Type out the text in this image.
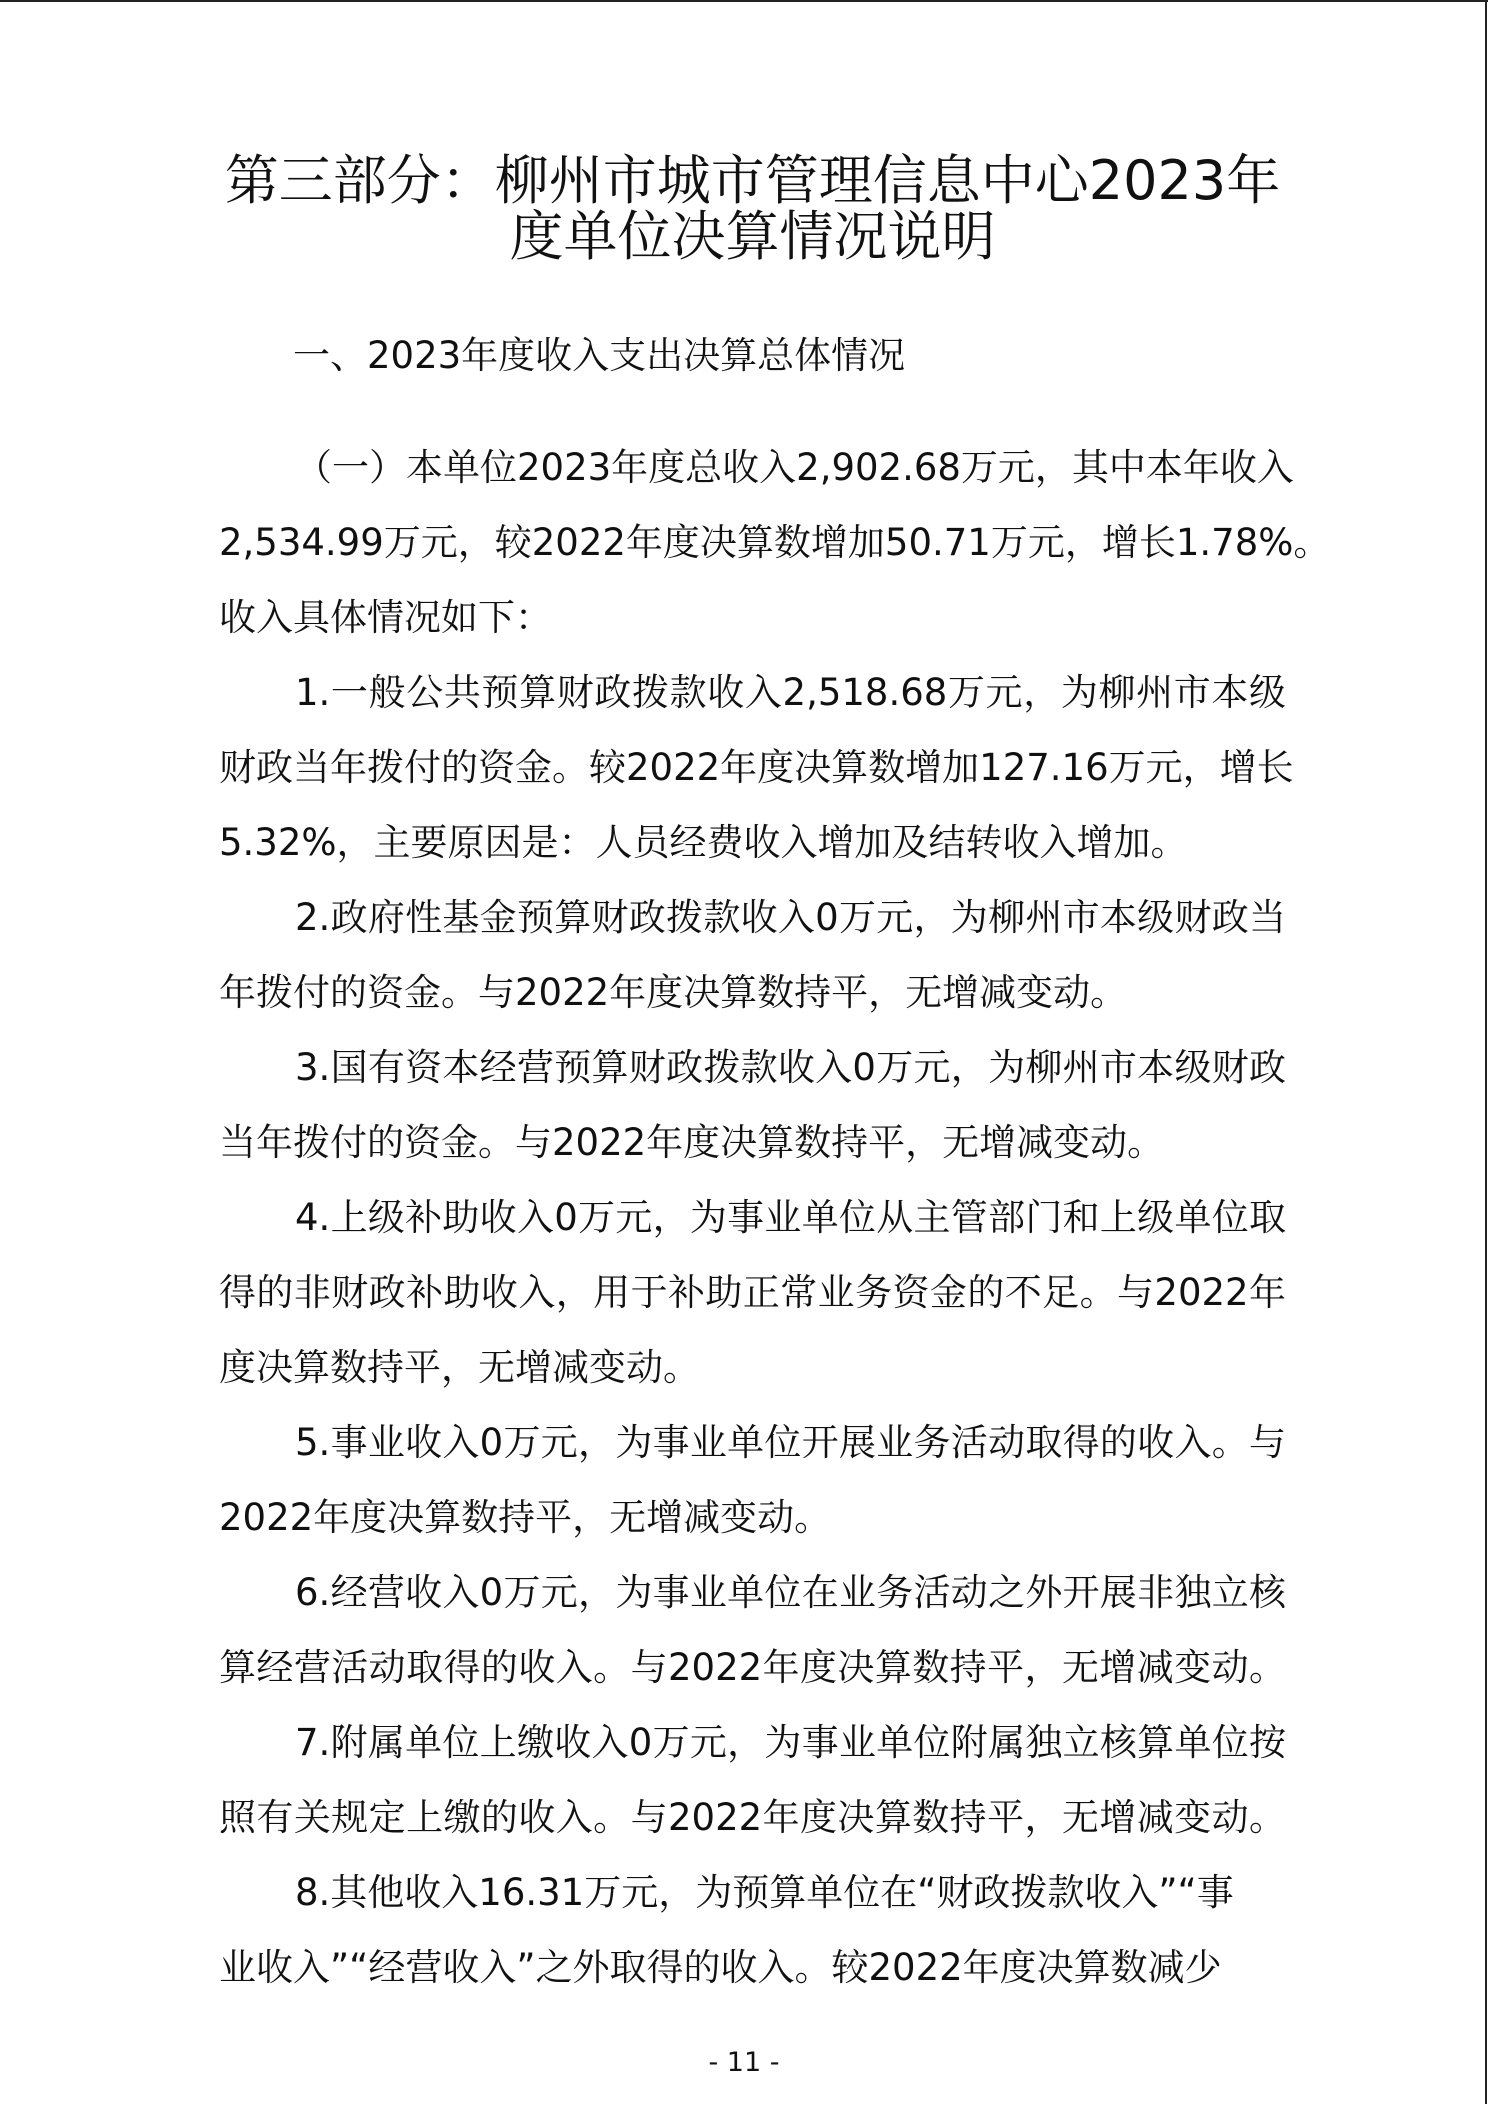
第三部分：柳州市城市管理信息中心2023年
度单位决算情况说明
一、2023年度收入支出决算总体情况
（一）本单位2023年度总收入2,902.68万元，其中本年收入
2,534.99万元，较2022年度决算数增加50.71万元，增长1.78%。
收入具体情况如下：
1.一般公共预算财政拨款收入2,518.68万元，为柳州市本级
财政当年拨付的资金。较2022年度决算数增加127.16万元，增长
5.32%，主要原因是：人员经费收入增加及结转收入增加。
2.政府性基金预算财政拨款收入0万元，为柳州市本级财政当
年拨付的资金。与2022年度决算数持平，无增减变动。
3.国有资本经营预算财政拨款收入0万元，为柳州市本级财政
当年拨付的资金。与2022年度决算数持平，无增减变动。
4.上级补助收入0万元，为事业单位从主管部门和上级单位取
得的非财政补助收入，用于补助正常业务资金的不足。与2022年
度决算数持平，无增减变动。
5.事业收入0万元，为事业单位开展业务活动取得的收入。与
2022年度决算数持平，无增减变动。
6.经营收入0万元，为事业单位在业务活动之外开展非独立核
算经营活动取得的收入。与2022年度决算数持平，无增减变动。
7.附属单位上缴收入0万元，为事业单位附属独立核算单位按
照有关规定上缴的收入。与2022年度决算数持平，无增减变动。
8.其他收入16.31万元，为预算单位在“财政拨款收入”“事
业收入”“经营收入”之外取得的收入。较2022年度决算数减少
- 11 -
